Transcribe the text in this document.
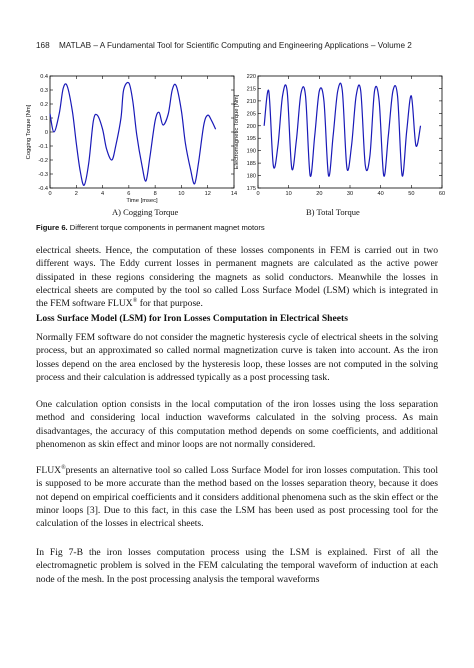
168 MATLAB – A Fundamental Tool for Scientific Computing and Engineering Applications – Volume 2
0	2	4	6	8	10	12	14
-0.4
-0.3
-0.2
-0.1
0
0.1
0.2
0.3
0.4
Time [msec]
Cogging Torque [Nm]
0	10	20	30	40	50	60
175
180
185
190
195
200
205
210
215
220
Electromagnetic Torque [Nm]
A) Cogging Torque	B) Total Torque
Figure 6. Different torque components in permanent magnet motors

electrical sheets. Hence, the computation of these losses components in FEM is carried out in two different ways. The Eddy current losses in permanent magnets are calculated as the active power dissipated in these regions considering the magnets as solid conductors. Meanwhile the losses in electrical sheets are computed by the tool so called Loss Surface Model (LSM) which is integrated in the FEM software FLUX® for that purpose.

Loss Surface Model (LSM) for Iron Losses Computation in Electrical Sheets

Normally FEM software do not consider the magnetic hysteresis cycle of electrical sheets in the solving process, but an approximated so called normal magnetization curve is taken into account. As the iron losses depend on the area enclosed by the hysteresis loop, these losses are not computed in the solving process and their calculation is addressed typically as a post processing task.

One calculation option consists in the local computation of the iron losses using the loss separation method and considering local induction waveforms calculated in the solving process. As main disadvantages, the accuracy of this computation method depends on some coefficients, and additional phenomenon as skin effect and minor loops are not normally considered.

FLUX®presents an alternative tool so called Loss Surface Model for iron losses computation. This tool is supposed to be more accurate than the method based on the losses separation theory, because it does not depend on empirical coefficients and it considers additional phenomena such as the skin effect or the minor loops [3]. Due to this fact, in this case the LSM has been used as post processing tool for the calculation of the losses in electrical sheets.

In Fig 7-B the iron losses computation process using the LSM is explained. First of all the electromagnetic problem is solved in the FEM calculating the temporal waveform of induction at each node of the mesh. In the post processing analysis the temporal waveforms
